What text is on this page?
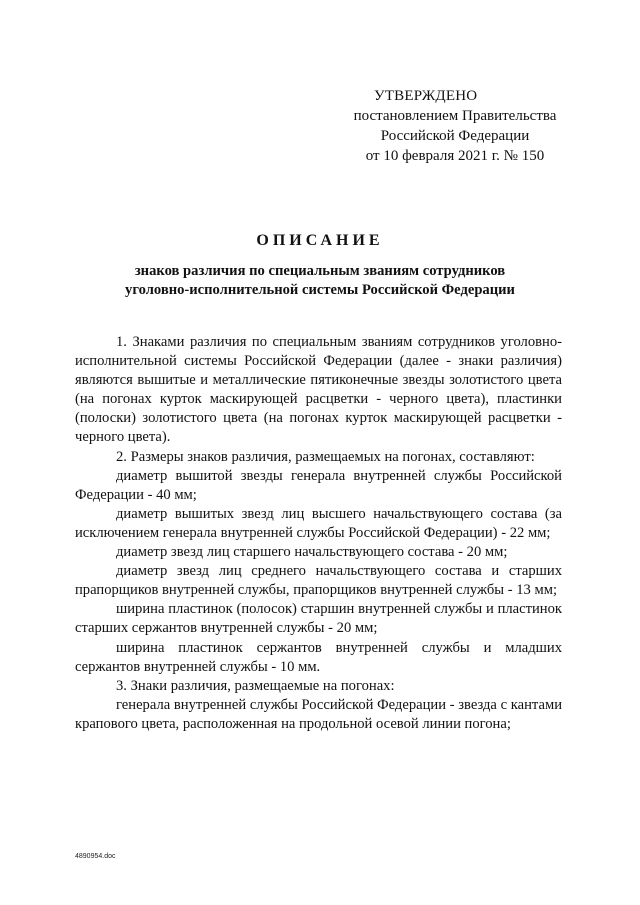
УТВЕРЖДЕНО
постановлением Правительства
Российской Федерации
от 10 февраля 2021 г. № 150
ОПИСАНИЕ
знаков различия по специальным званиям сотрудников
уголовно-исполнительной системы Российской Федерации

1. Знаками различия по специальным званиям сотрудников уголовно-исполнительной системы Российской Федерации (далее - знаки различия) являются вышитые и металлические пятиконечные звезды золотистого цвета (на погонах курток маскирующей расцветки - черного цвета), пластинки (полоски) золотистого цвета (на погонах курток маскирующей расцветки - черного цвета).

2. Размеры знаков различия, размещаемых на погонах, составляют:

диаметр вышитой звезды генерала внутренней службы Российской Федерации - 40 мм;

диаметр вышитых звезд лиц высшего начальствующего состава (за исключением генерала внутренней службы Российской Федерации) - 22 мм;

диаметр звезд лиц старшего начальствующего состава - 20 мм;

диаметр звезд лиц среднего начальствующего состава и старших прапорщиков внутренней службы, прапорщиков внутренней службы - 13 мм;

ширина пластинок (полосок) старшин внутренней службы и пластинок старших сержантов внутренней службы - 20 мм;

ширина пластинок сержантов внутренней службы и младших сержантов внутренней службы - 10 мм.

3. Знаки различия, размещаемые на погонах:

генерала внутренней службы Российской Федерации - звезда с кантами крапового цвета, расположенная на продольной осевой линии погона;

4890954.doc
